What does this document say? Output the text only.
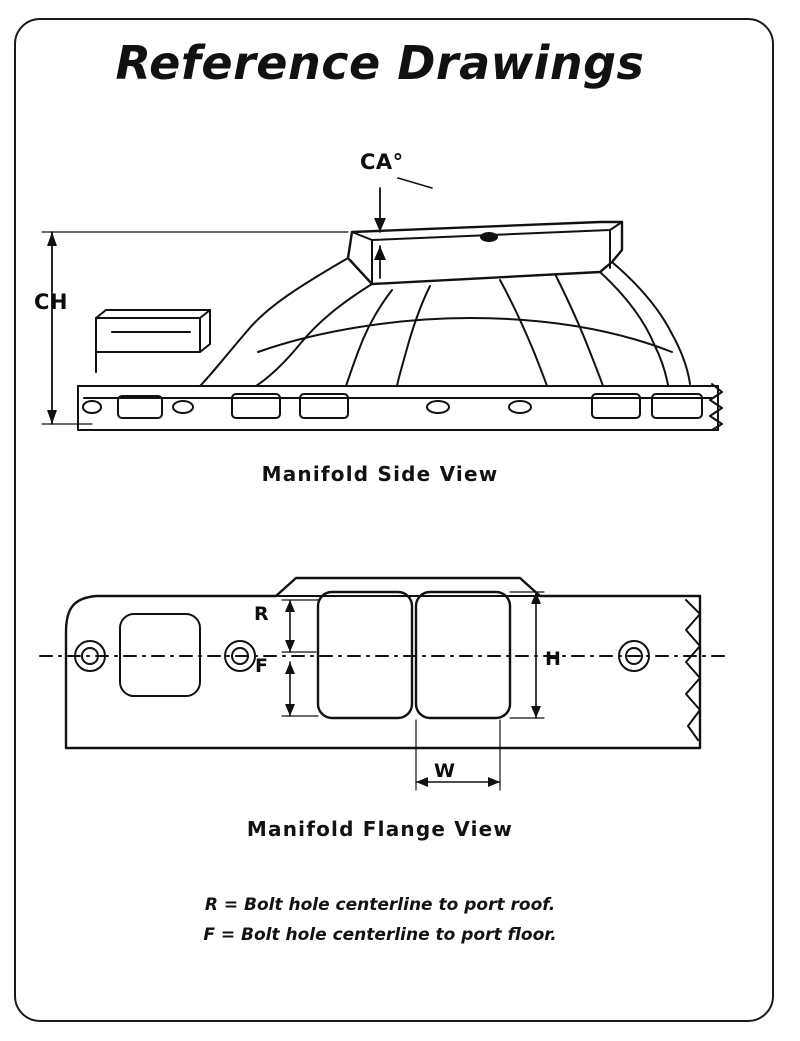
Reference Drawings
CA°
CH
Manifold Side View
R
F	H
W
Manifold Flange View
R = Bolt hole centerline to port roof.
F = Bolt hole centerline to port floor.
